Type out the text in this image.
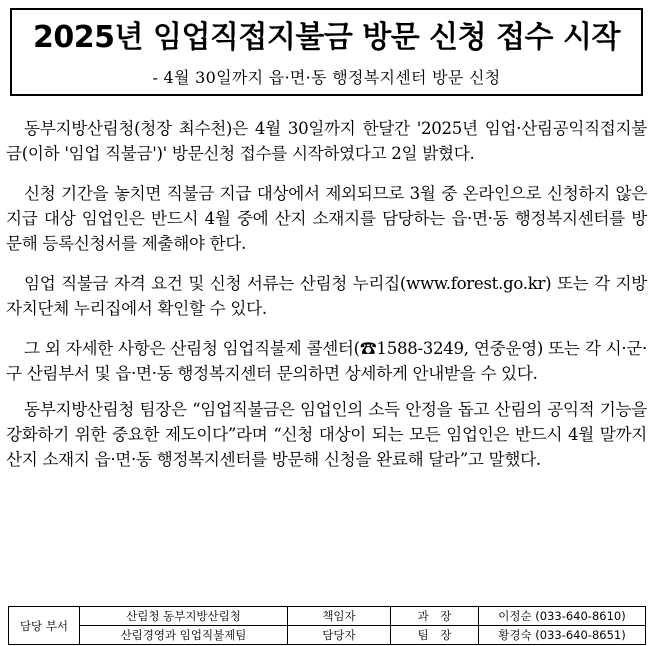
2025년 임업직접지불금 방문 신청 접수 시작
- 4월 30일까지 읍·면·동 행정복지센터 방문 신청

동부지방산림청(청장 최수천)은 4월 30일까지 한달간 '2025년 임업·산림공익직접지불금(이하 '임업 직불금')' 방문신청 접수를 시작하였다고 2일 밝혔다.

신청 기간을 놓치면 직불금 지급 대상에서 제외되므로 3월 중 온라인으로 신청하지 않은 지급 대상 임업인은 반드시 4월 중에 산지 소재지를 담당하는 읍·면·동 행정복지센터를 방문해 등록신청서를 제출해야 한다.

임업 직불금 자격 요건 및 신청 서류는 산림청 누리집(www.forest.go.kr) 또는 각 지방자치단체 누리집에서 확인할 수 있다.

그 외 자세한 사항은 산림청 임업직불제 콜센터(☎1588-3249, 연중운영) 또는 각 시·군·구 산림부서 및 읍·면·동 행정복지센터 문의하면 상세하게 안내받을 수 있다.

동부지방산림청 팀장은 “임업직불금은 임업인의 소득 안정을 돕고 산림의 공익적 기능을 강화하기 위한 중요한 제도이다”라며 “신청 대상이 되는 모든 임업인은 반드시 4월 말까지 산지 소재지 읍·면·동 행정복지센터를 방문해 신청을 완료해 달라”고 말했다.

담당 부서	산림청 동부지방산림청	책임자	과　장	이정순 (033-640-8610)
	산림경영과 임업직불제팀	담당자	팀　장	황경숙 (033-640-8651)
